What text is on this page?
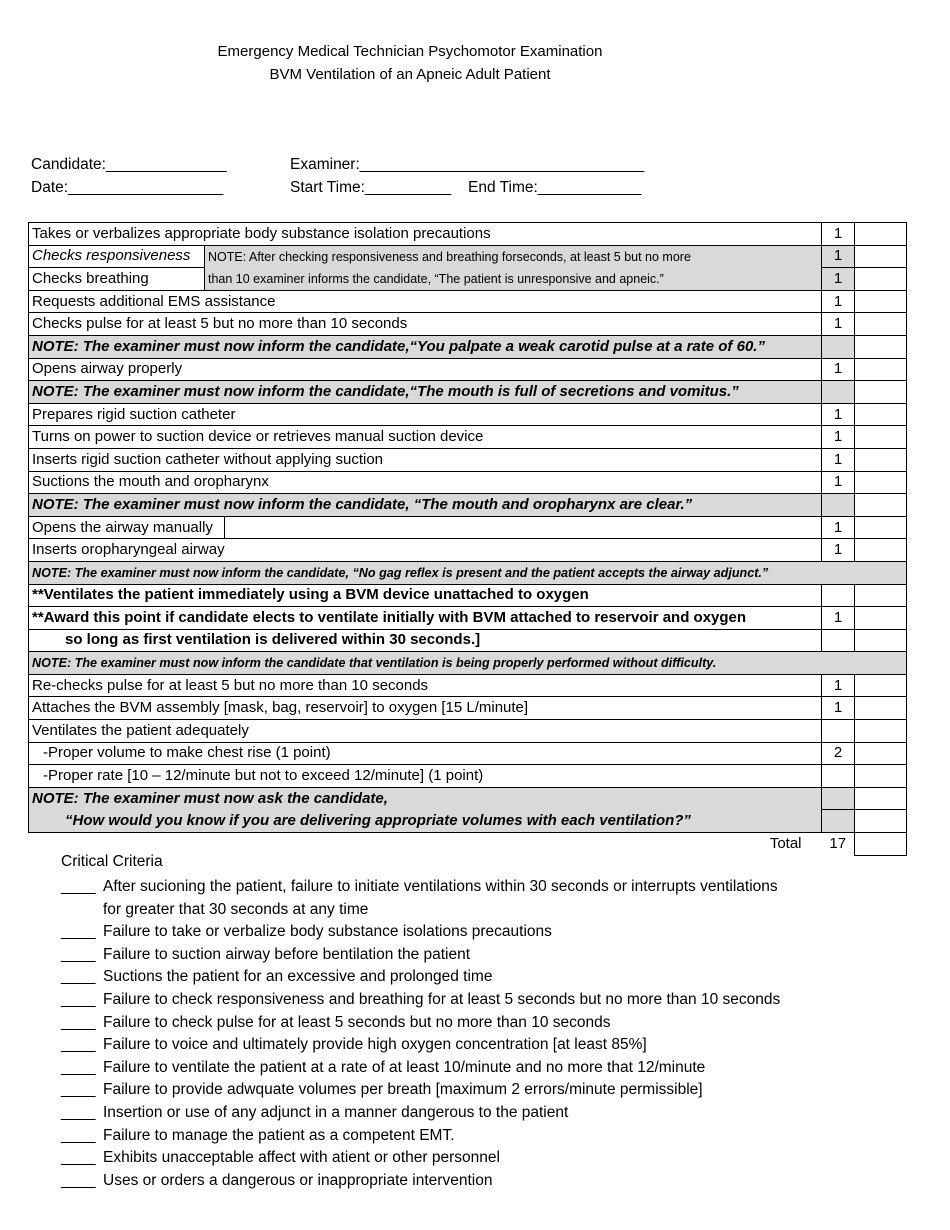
Emergency Medical Technician Psychomotor Examination
BVM Ventilation of an Apneic Adult Patient
Candidate:______________	Examiner:_________________________________
Date:__________________	Start Time:__________ End Time:____________
Takes or verbalizes appropriate body substance isolation precautions			1	
Checks responsiveness	NOTE: After checking responsiveness and breathing forseconds, at least 5 but no more		1	
Checks breathing	than 10 examiner informs the candidate, “The patient is unresponsive and apneic.”		1	
Requests additional EMS assistance			1	
Checks pulse for at least 5 but no more than 10 seconds			1	
NOTE: The examiner must now inform the candidate,“You palpate a weak carotid pulse at a rate of 60.”				
Opens airway properly			1	
NOTE: The examiner must now inform the candidate,“The mouth is full of secretions and vomitus.”				
Prepares rigid suction catheter			1	
Turns on power to suction device or retrieves manual suction device			1	
Inserts rigid suction catheter without applying suction			1	
Suctions the mouth and oropharynx			1	
NOTE: The examiner must now inform the candidate, “The mouth and oropharynx are clear.”				
Opens the airway manually			1	
Inserts oropharyngeal airway			1	
NOTE: The examiner must now inform the candidate, “No gag reflex is present and the patient accepts the airway adjunct.”				
**Ventilates the patient immediately using a BVM device unattached to oxygen				
**Award this point if candidate elects to ventilate initially with BVM attached to reservoir and oxygen			1	
so long as first ventilation is delivered within 30 seconds.]				
NOTE: The examiner must now inform the candidate that ventilation is being properly performed without difficulty.				
Re-checks pulse for at least 5 but no more than 10 seconds			1	
Attaches the BVM assembly [mask, bag, reservoir] to oxygen [15 L/minute]			1	
Ventilates the patient adequately				
-Proper volume to make chest rise (1 point)			2	
-Proper rate [10 – 12/minute but not to exceed 12/minute] (1 point)				
NOTE: The examiner must now ask the candidate,				
“How would you know if you are delivering appropriate volumes with each ventilation?”				
Total			17	
Critical Criteria
____ After sucioning the patient, failure to initiate ventilations within 30 seconds or interrupts ventilations
for greater that 30 seconds at any time
____ Failure to take or verbalize body substance isolations precautions
____ Failure to suction airway before bentilation the patient
____ Suctions the patient for an excessive and prolonged time
____ Failure to check responsiveness and breathing for at least 5 seconds but no more than 10 seconds
____ Failure to check pulse for at least 5 seconds but no more than 10 seconds
____ Failure to voice and ultimately provide high oxygen concentration [at least 85%]
____ Failure to ventilate the patient at a rate of at least 10/minute and no more that 12/minute
____ Failure to provide adwquate volumes per breath [maximum 2 errors/minute permissible]
____ Insertion or use of any adjunct in a manner dangerous to the patient
____ Failure to manage the patient as a competent EMT.
____ Exhibits unacceptable affect with atient or other personnel
____ Uses or orders a dangerous or inappropriate intervention
